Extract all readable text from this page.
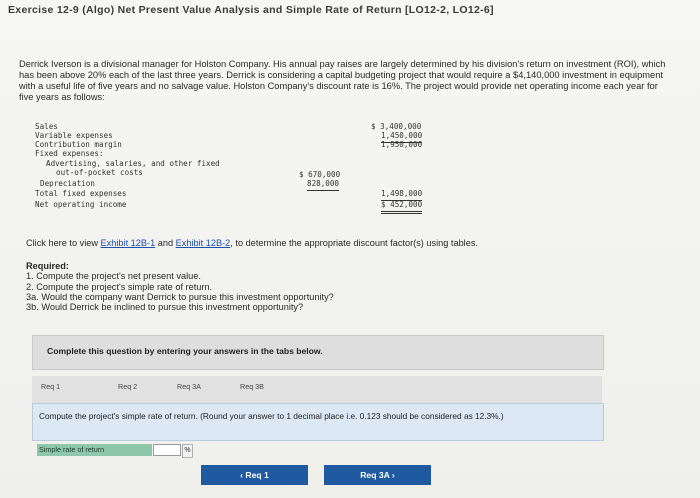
Exercise 12-9 (Algo) Net Present Value Analysis and Simple Rate of Return [LO12-2, LO12-6]
Derrick Iverson is a divisional manager for Holston Company. His annual pay raises are largely determined by his division's return on investment (ROI), which has been above 20% each of the last three years. Derrick is considering a capital budgeting project that would require a $4,140,000 investment in equipment with a useful life of five years and no salvage value. Holston Company's discount rate is 16%. The project would provide net operating income each year for five years as follows:
Sales	$ 3,400,000
Variable expenses	1,450,000
Contribution margin	1,950,000
Fixed expenses:
Advertising, salaries, and other fixed
out-of-pocket costs	$ 670,000
Depreciation	828,000
Total fixed expenses	1,498,000
Net operating income	$ 452,000
Click here to view Exhibit 12B-1 and Exhibit 12B-2, to determine the appropriate discount factor(s) using tables.
Required:
1. Compute the project's net present value.
2. Compute the project's simple rate of return.
3a. Would the company want Derrick to pursue this investment opportunity?
3b. Would Derrick be inclined to pursue this investment opportunity?
Complete this question by entering your answers in the tabs below.
Req 1	Req 2	Req 3A	Req 3B
Compute the project's simple rate of return. (Round your answer to 1 decimal place i.e. 0.123 should be considered as 12.3%.)
Simple rate of return	%
‹ Req 1	Req 3A ›
